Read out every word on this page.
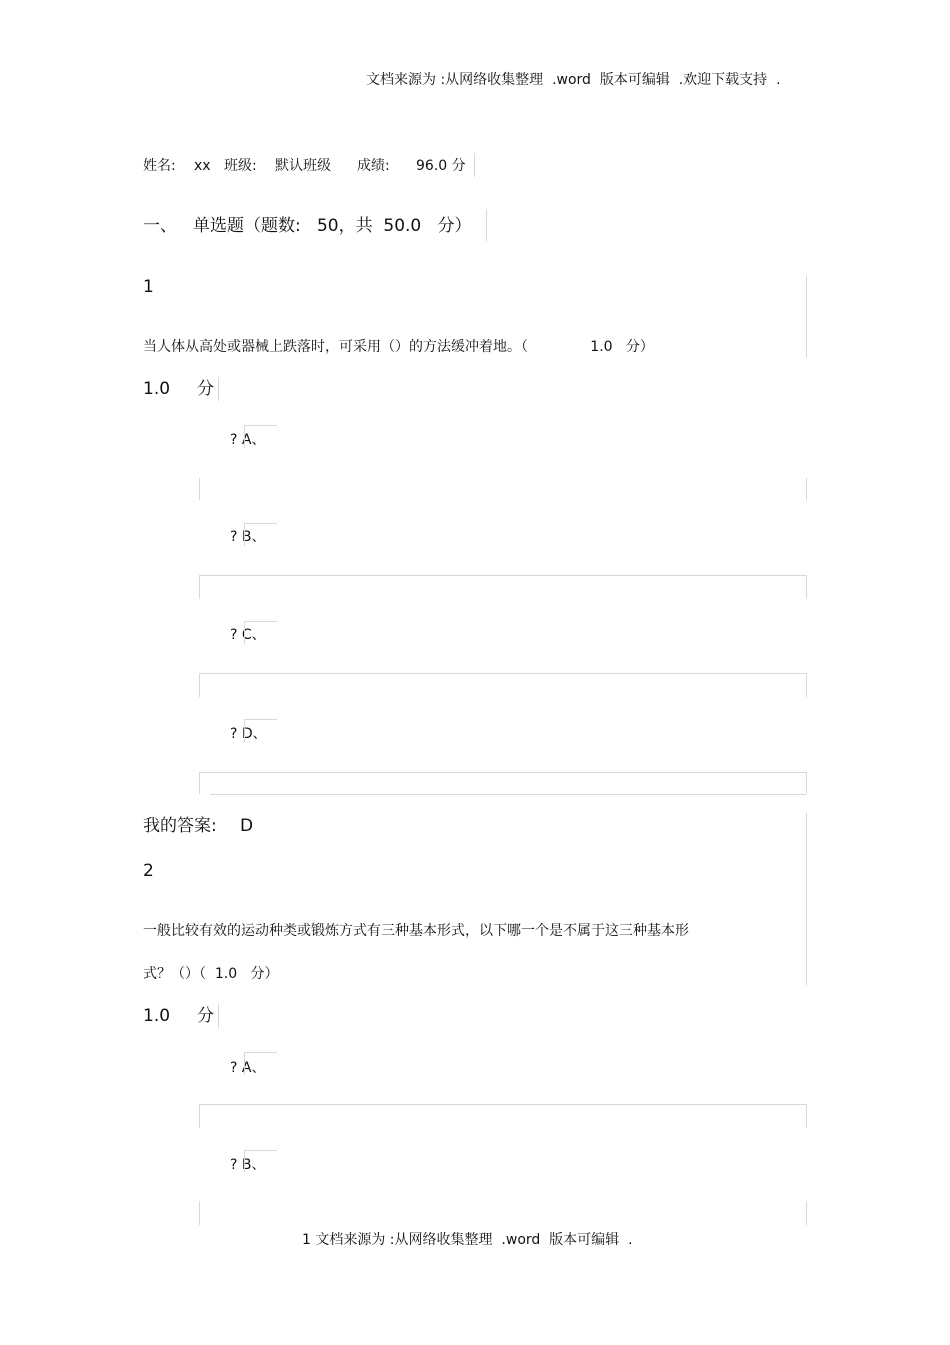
文档来源为 :从网络收集整理  .word  版本可编辑  .欢迎下载支持  .
姓名: xx 班级: 默认班级 成绩: 96.0 分
一、 单选题（题数:   50，共  50.0   分）
1
当人体从高处或器械上跌落时，可采用（）的方法缓冲着地。（              1.0   分）
1.0     分
? A、
? B、
? C、
? D、
我的答案: D
2
一般比较有效的运动种类或锻炼方式有三种基本形式，以下哪一个是不属于这三种基本形
式？（）（  1.0   分）
1.0     分
? A、
? B、
1 文档来源为 :从网络收集整理  .word  版本可编辑  .
